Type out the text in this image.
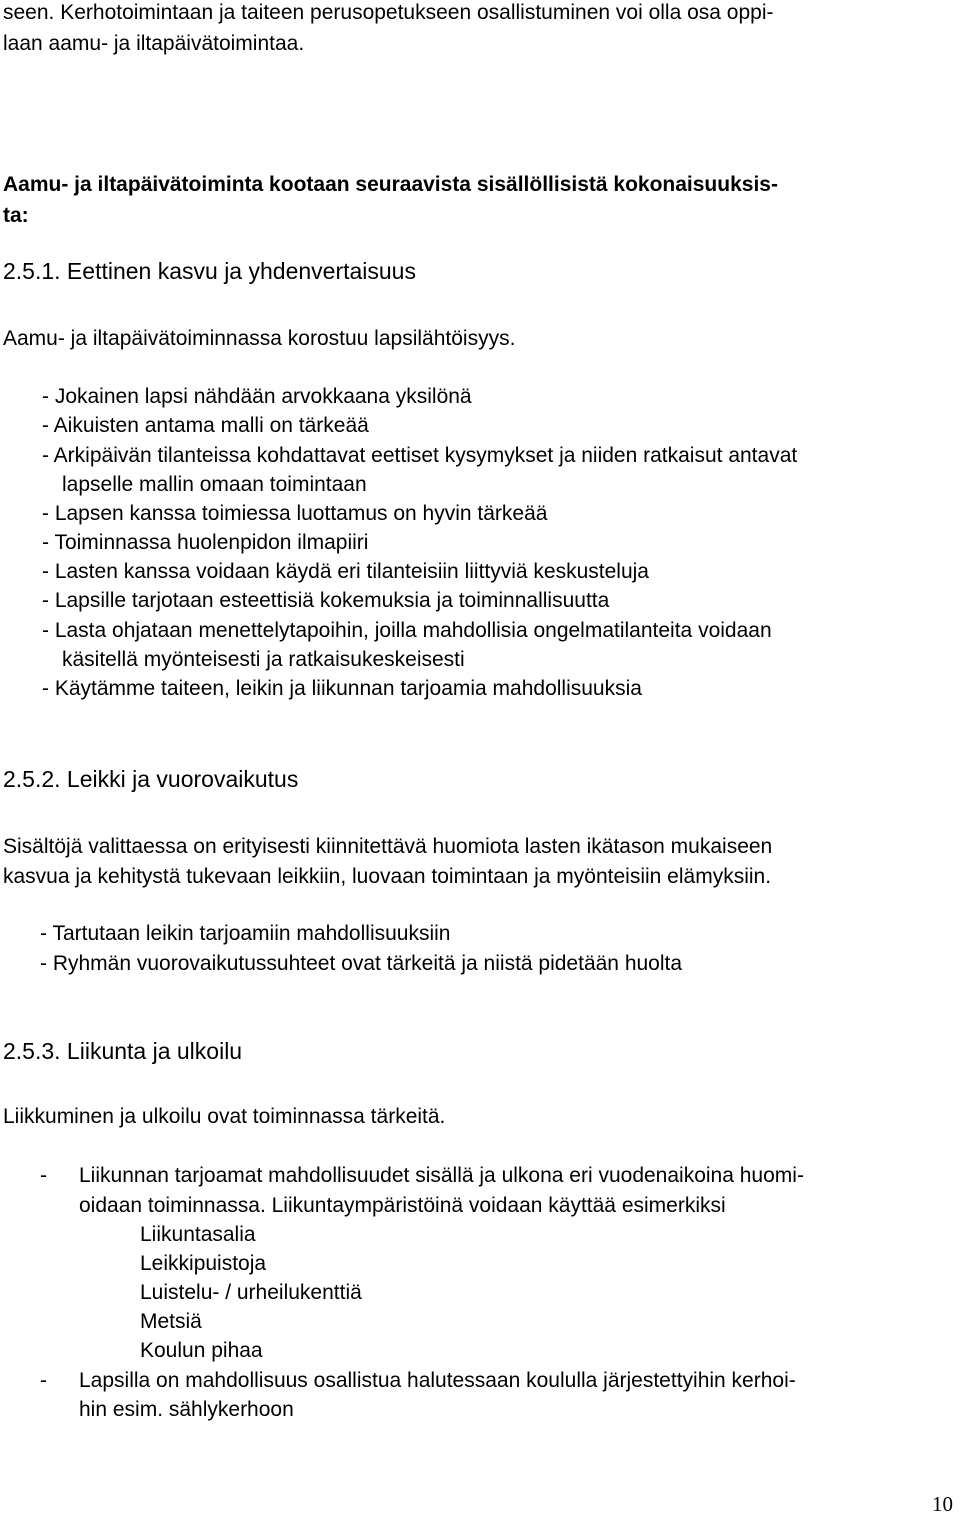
seen. Kerhotoimintaan ja taiteen perusopetukseen osallistuminen voi olla osa oppi-
laan aamu- ja iltapäivätoimintaa.
Aamu- ja iltapäivätoiminta kootaan seuraavista sisällöllisistä kokonaisuuksis-
ta:
2.5.1. Eettinen kasvu ja yhdenvertaisuus
Aamu- ja iltapäivätoiminnassa korostuu lapsilähtöisyys.
- Jokainen lapsi nähdään arvokkaana yksilönä
- Aikuisten antama malli on tärkeää
- Arkipäivän tilanteissa kohdattavat eettiset kysymykset ja niiden ratkaisut antavat
lapselle mallin omaan toimintaan
- Lapsen kanssa toimiessa luottamus on hyvin tärkeää
- Toiminnassa huolenpidon ilmapiiri
- Lasten kanssa voidaan käydä eri tilanteisiin liittyviä keskusteluja
- Lapsille tarjotaan esteettisiä kokemuksia ja toiminnallisuutta
- Lasta ohjataan menettelytapoihin, joilla mahdollisia ongelmatilanteita voidaan
käsitellä myönteisesti ja ratkaisukeskeisesti
- Käytämme taiteen, leikin ja liikunnan tarjoamia mahdollisuuksia
2.5.2. Leikki ja vuorovaikutus
Sisältöjä valittaessa on erityisesti kiinnitettävä huomiota lasten ikätason mukaiseen
kasvua ja kehitystä tukevaan leikkiin, luovaan toimintaan ja myönteisiin elämyksiin.
- Tartutaan leikin tarjoamiin mahdollisuuksiin
- Ryhmän vuorovaikutussuhteet ovat tärkeitä ja niistä pidetään huolta
2.5.3. Liikunta ja ulkoilu
Liikkuminen ja ulkoilu ovat toiminnassa tärkeitä.
- Liikunnan tarjoamat mahdollisuudet sisällä ja ulkona eri vuodenaikoina huomi-
oidaan toiminnassa. Liikuntaympäristöinä voidaan käyttää esimerkiksi
Liikuntasalia
Leikkipuistoja
Luistelu- / urheilukenttiä
Metsiä
Koulun pihaa
- Lapsilla on mahdollisuus osallistua halutessaan koululla järjestettyihin kerhoi-
hin esim. sählykerhoon
10
